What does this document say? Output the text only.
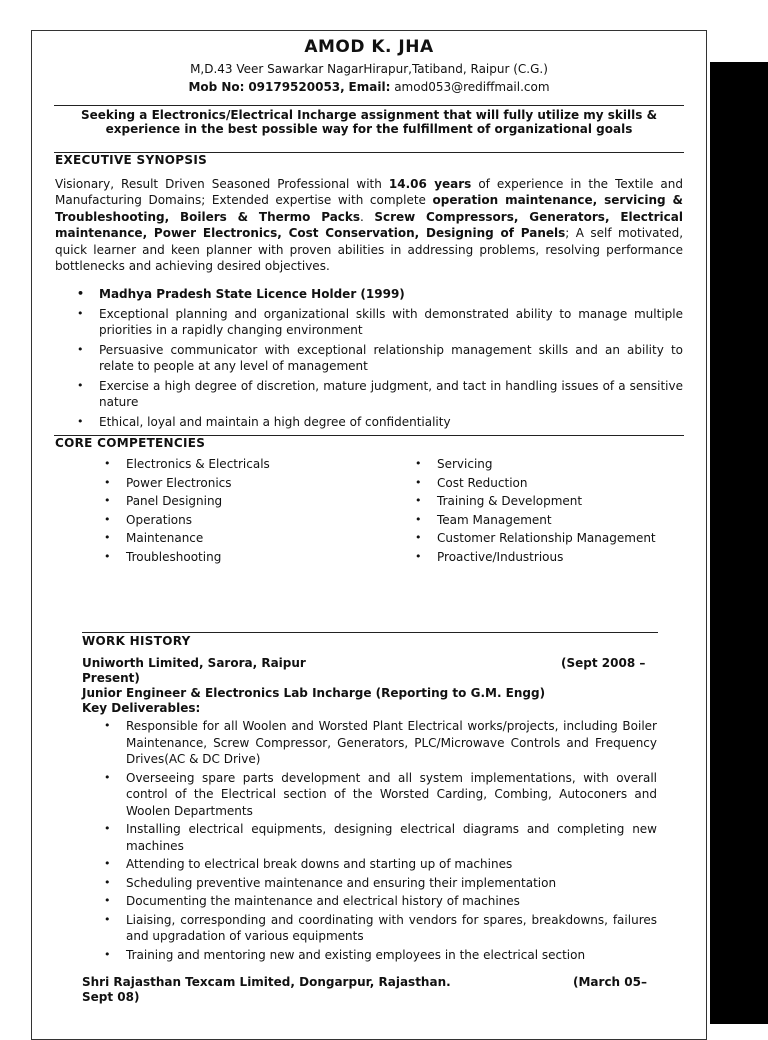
AMOD K. JHA
M,D.43 Veer Sawarkar NagarHirapur,Tatiband, Raipur (C.G.)
Mob No: 09179520053, Email: amod053@rediffmail.com
Seeking a Electronics/Electrical Incharge assignment that will fully utilize my skills & experience in the best possible way for the fulfillment of organizational goals
EXECUTIVE SYNOPSIS
Visionary, Result Driven Seasoned Professional with 14.06 years of experience in the Textile and Manufacturing Domains; Extended expertise with complete operation maintenance, servicing & Troubleshooting, Boilers & Thermo Packs. Screw Compressors, Generators, Electrical maintenance, Power Electronics, Cost Conservation, Designing of Panels; A self motivated, quick learner and keen planner with proven abilities in addressing problems, resolving performance bottlenecks and achieving desired objectives.
• Madhya Pradesh State Licence Holder (1999)
• Exceptional planning and organizational skills with demonstrated ability to manage multiple priorities in a rapidly changing environment
• Persuasive communicator with exceptional relationship management skills and an ability to relate to people at any level of management
• Exercise a high degree of discretion, mature judgment, and tact in handling issues of a sensitive nature
• Ethical, loyal and maintain a high degree of confidentiality
CORE COMPETENCIES
• Electronics & Electricals
• Power Electronics
• Panel Designing
• Operations
• Maintenance
• Troubleshooting
• Servicing
• Cost Reduction
• Training & Development
• Team Management
• Customer Relationship Management
• Proactive/Industrious
WORK HISTORY
Uniworth Limited, Sarora, Raipur	(Sept 2008 –
Present)
Junior Engineer & Electronics Lab Incharge (Reporting to G.M. Engg)
Key Deliverables:
• Responsible for all Woolen and Worsted Plant Electrical works/projects, including Boiler Maintenance, Screw Compressor, Generators, PLC/Microwave Controls and Frequency Drives(AC & DC Drive)
• Overseeing spare parts development and all system implementations, with overall control of the Electrical section of the Worsted Carding, Combing, Autoconers and Woolen Departments
• Installing electrical equipments, designing electrical diagrams and completing new machines
• Attending to electrical break downs and starting up of machines
• Scheduling preventive maintenance and ensuring their implementation
• Documenting the maintenance and electrical history of machines
• Liaising, corresponding and coordinating with vendors for spares, breakdowns, failures and upgradation of various equipments
• Training and mentoring new and existing employees in the electrical section
Shri Rajasthan Texcam Limited, Dongarpur, Rajasthan.	(March 05–
Sept 08)
